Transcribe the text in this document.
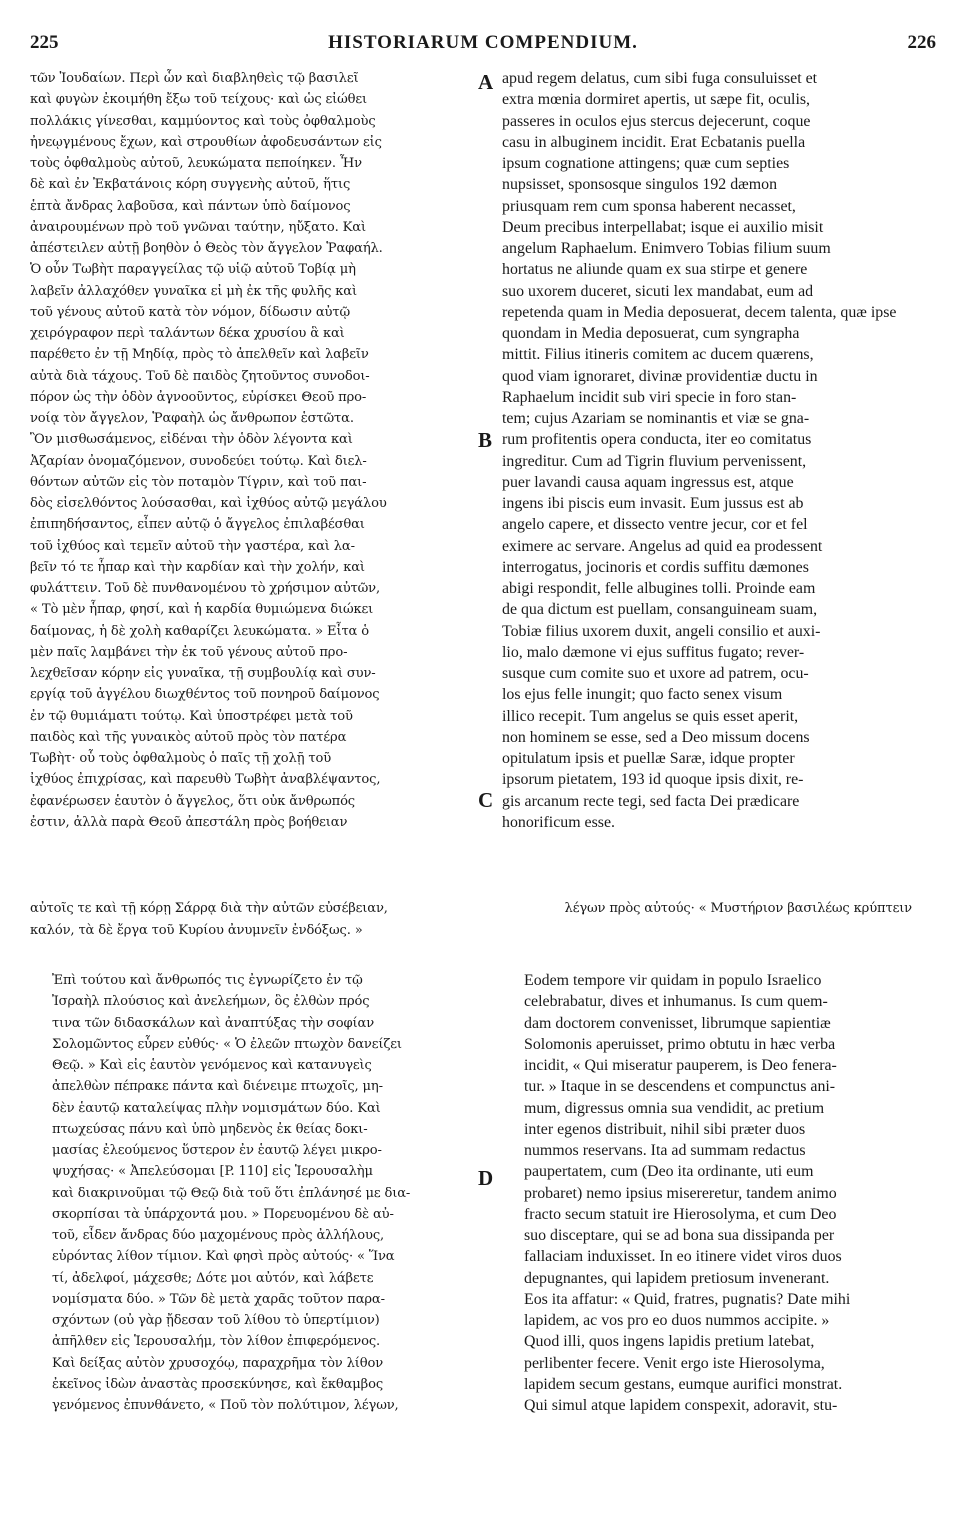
225	HISTORIARUM COMPENDIUM.	226
τῶν Ἰουδαίων. Περὶ ὧν καὶ διαβληθεὶς τῷ βασιλεῖ
καὶ φυγὼν ἐκοιμήθη ἔξω τοῦ τείχους· καὶ ὡς εἰώθει
πολλάκις γίνεσθαι, καμμύοντος καὶ τοὺς ὀφθαλμοὺς
ἠνεῳγμένους ἔχων, καὶ στρουθίων ἀφοδευσάντων εἰς
τοὺς ὀφθαλμοὺς αὐτοῦ, λευκώματα πεποίηκεν. Ἦν
δὲ καὶ ἐν Ἐκβατάνοις κόρη συγγενὴς αὐτοῦ, ἥτις
ἑπτὰ ἄνδρας λαβοῦσα, καὶ πάντων ὑπὸ δαίμονος
ἀναιρουμένων πρὸ τοῦ γνῶναι ταύτην, ηὔξατο. Καὶ
ἀπέστειλεν αὐτῇ βοηθὸν ὁ Θεὸς τὸν ἄγγελον Ῥαφαήλ.
Ὁ οὖν Τωβὴτ παραγγείλας τῷ υἱῷ αὐτοῦ Τοβίᾳ μὴ
λαβεῖν ἀλλαχόθεν γυναῖκα εἰ μὴ ἐκ τῆς φυλῆς καὶ
τοῦ γένους αὐτοῦ κατὰ τὸν νόμον, δίδωσιν αὐτῷ
χειρόγραφον περὶ ταλάντων δέκα χρυσίου ἃ καὶ
παρέθετο ἐν τῇ Μηδίᾳ, πρὸς τὸ ἀπελθεῖν καὶ λαβεῖν
αὐτὰ διὰ τάχους. Τοῦ δὲ παιδὸς ζητοῦντος συνοδοι-
πόρον ὡς τὴν ὁδὸν ἀγνοοῦντος, εὑρίσκει Θεοῦ προ-
νοίᾳ τὸν ἄγγελον, Ῥαφαὴλ ὡς ἄνθρωπον ἑστῶτα.
Ὃν μισθωσάμενος, εἰδέναι τὴν ὁδὸν λέγοντα καὶ
Ἀζαρίαν ὀνομαζόμενον, συνοδεύει τούτῳ. Καὶ διελ-
θόντων αὐτῶν εἰς τὸν ποταμὸν Τίγριν, καὶ τοῦ παι-
δὸς εἰσελθόντος λούσασθαι, καὶ ἰχθύος αὐτῷ μεγάλου
ἐπιπηδήσαντος, εἶπεν αὐτῷ ὁ ἄγγελος ἐπιλαβέσθαι
τοῦ ἰχθύος καὶ τεμεῖν αὐτοῦ τὴν γαστέρα, καὶ λα-
βεῖν τό τε ἧπαρ καὶ τὴν καρδίαν καὶ τὴν χολήν, καὶ
φυλάττειν. Τοῦ δὲ πυνθανομένου τὸ χρήσιμον αὐτῶν,
« Τὸ μὲν ἧπαρ, φησί, καὶ ἡ καρδία θυμιώμενα διώκει
δαίμονας, ἡ δὲ χολὴ καθαρίζει λευκώματα. » Εἶτα ὁ
μὲν παῖς λαμβάνει τὴν ἐκ τοῦ γένους αὐτοῦ προ-
λεχθεῖσαν κόρην εἰς γυναῖκα, τῇ συμβουλίᾳ καὶ συν-
εργίᾳ τοῦ ἀγγέλου διωχθέντος τοῦ πονηροῦ δαίμονος
ἐν τῷ θυμιάματι τούτῳ. Καὶ ὑποστρέφει μετὰ τοῦ
παιδὸς καὶ τῆς γυναικὸς αὐτοῦ πρὸς τὸν πατέρα
Τωβὴτ· οὗ τοὺς ὀφθαλμοὺς ὁ παῖς τῇ χολῇ τοῦ
ἰχθύος ἐπιχρίσας, καὶ παρευθὺ Τωβὴτ ἀναβλέψαντος,
ἐφανέρωσεν ἑαυτὸν ὁ ἄγγελος, ὅτι οὐκ ἄνθρωπός
ἐστιν, ἀλλὰ παρὰ Θεοῦ ἀπεστάλη πρὸς βοήθειαν
apud regem delatus, cum sibi fuga consuluisset et
extra mœnia dormiret apertis, ut sæpe fit, oculis,
passeres in oculos ejus stercus dejecerunt, coque
casu in albuginem incidit. Erat Ecbatanis puella
ipsum cognatione attingens; quæ cum septies
nupsisset, sponsosque singulos 192 dæmon
priusquam rem cum sponsa haberent necasset,
Deum precibus interpellabat; isque ei auxilio misit
angelum Raphaelum. Enimvero Tobias filium suum
hortatus ne aliunde quam ex sua stirpe et genere
suo uxorem duceret, sicuti lex mandabat, eum ad
repetenda quam in Media deposuerat, decem talenta, quæ ipse
quondam in Media deposuerat, cum syngrapha
mittit. Filius itineris comitem ac ducem quærens,
quod viam ignoraret, divinæ providentiæ ductu in
Raphaelum incidit sub viri specie in foro stan-
tem; cujus Azariam se nominantis et viæ se gna-
rum profitentis opera conducta, iter eo comitatus
ingreditur. Cum ad Tigrin fluvium pervenissent,
puer lavandi causa aquam ingressus est, atque
ingens ibi piscis eum invasit. Eum jussus est ab
angelo capere, et dissecto ventre jecur, cor et fel
eximere ac servare. Angelus ad quid ea prodessent
interrogatus, jocinoris et cordis suffitu dæmones
abigi respondit, felle albugines tolli. Proinde eam
de qua dictum est puellam, consanguineam suam,
Tobiæ filius uxorem duxit, angeli consilio et auxi-
lio, malo dæmone vi ejus suffitus fugato; rever-
susque cum comite suo et uxore ad patrem, ocu-
los ejus felle inungit; quo facto senex visum
illico recepit. Tum angelus se quis esset aperit,
non hominem se esse, sed a Deo missum docens
opitulatum ipsis et puellæ Saræ, idque propter
ipsorum pietatem, 193 id quoque ipsis dixit, re-
gis arcanum recte tegi, sed facta Dei prædicare
honorificum esse.
A
B
C
D
αὐτοῖς τε καὶ τῇ κόρῃ Σάρρᾳ διὰ τὴν αὐτῶν εὐσέβειαν,	λέγων πρὸς αὐτούς· « Μυστήριον βασιλέως κρύπτειν
καλόν, τὰ δὲ ἔργα τοῦ Κυρίου ἀνυμνεῖν ἐνδόξως. »
Ἐπὶ τούτου καὶ ἄνθρωπός τις ἐγνωρίζετο ἐν τῷ
Ἰσραὴλ πλούσιος καὶ ἀνελεήμων, ὃς ἐλθὼν πρός
τινα τῶν διδασκάλων καὶ ἀναπτύξας τὴν σοφίαν
Σολομῶντος εὗρεν εὐθύς· « Ὁ ἐλεῶν πτωχὸν δανείζει
Θεῷ. » Καὶ εἰς ἑαυτὸν γενόμενος καὶ κατανυγεὶς
ἀπελθὼν πέπρακε πάντα καὶ διένειμε πτωχοῖς, μη-
δὲν ἑαυτῷ καταλείψας πλὴν νομισμάτων δύο. Καὶ
πτωχεύσας πάνυ καὶ ὑπὸ μηδενὸς ἐκ θείας δοκι-
μασίας ἐλεούμενος ὕστερον ἐν ἑαυτῷ λέγει μικρο-
ψυχήσας· « Ἀπελεύσομαι [P. 110] εἰς Ἱερουσαλὴμ
καὶ διακρινοῦμαι τῷ Θεῷ διὰ τοῦ ὅτι ἐπλάνησέ με δια-
σκορπίσαι τὰ ὑπάρχοντά μου. » Πορευομένου δὲ αὐ-
τοῦ, εἶδεν ἄνδρας δύο μαχομένους πρὸς ἀλλήλους,
εὑρόντας λίθον τίμιον. Καὶ φησὶ πρὸς αὐτούς· « Ἵνα
τί, ἀδελφοί, μάχεσθε; Δότε μοι αὐτόν, καὶ λάβετε
νομίσματα δύο. » Τῶν δὲ μετὰ χαρᾶς τοῦτον παρα-
σχόντων (οὐ γὰρ ᾔδεσαν τοῦ λίθου τὸ ὑπερτίμιον)
ἀπῆλθεν εἰς Ἱερουσαλήμ, τὸν λίθον ἐπιφερόμενος.
Καὶ δείξας αὐτὸν χρυσοχόῳ, παραχρῆμα τὸν λίθον
ἐκεῖνος ἰδὼν ἀναστὰς προσεκύνησε, καὶ ἔκθαμβος
γενόμενος ἐπυνθάνετο, « Ποῦ τὸν πολύτιμον, λέγων,
Eodem tempore vir quidam in populo Israelico
celebrabatur, dives et inhumanus. Is cum quem-
dam doctorem convenisset, librumque sapientiæ
Solomonis aperuisset, primo obtutu in hæc verba
incidit, « Qui miseratur pauperem, is Deo fenera-
tur. » Itaque in se descendens et compunctus ani-
mum, digressus omnia sua vendidit, ac pretium
inter egenos distribuit, nihil sibi præter duos
nummos reservans. Ita ad summam redactus
paupertatem, cum (Deo ita ordinante, uti eum
probaret) nemo ipsius misereretur, tandem animo
fracto secum statuit ire Hierosolyma, et cum Deo
suo disceptare, qui se ad bona sua dissipanda per
fallaciam induxisset. In eo itinere videt viros duos
depugnantes, qui lapidem pretiosum invenerant.
Eos ita affatur: « Quid, fratres, pugnatis? Date mihi
lapidem, ac vos pro eo duos nummos accipite. »
Quod illi, quos ingens lapidis pretium latebat,
perlibenter fecere. Venit ergo iste Hierosolyma,
lapidem secum gestans, eumque aurifici monstrat.
Qui simul atque lapidem conspexit, adoravit, stu-
